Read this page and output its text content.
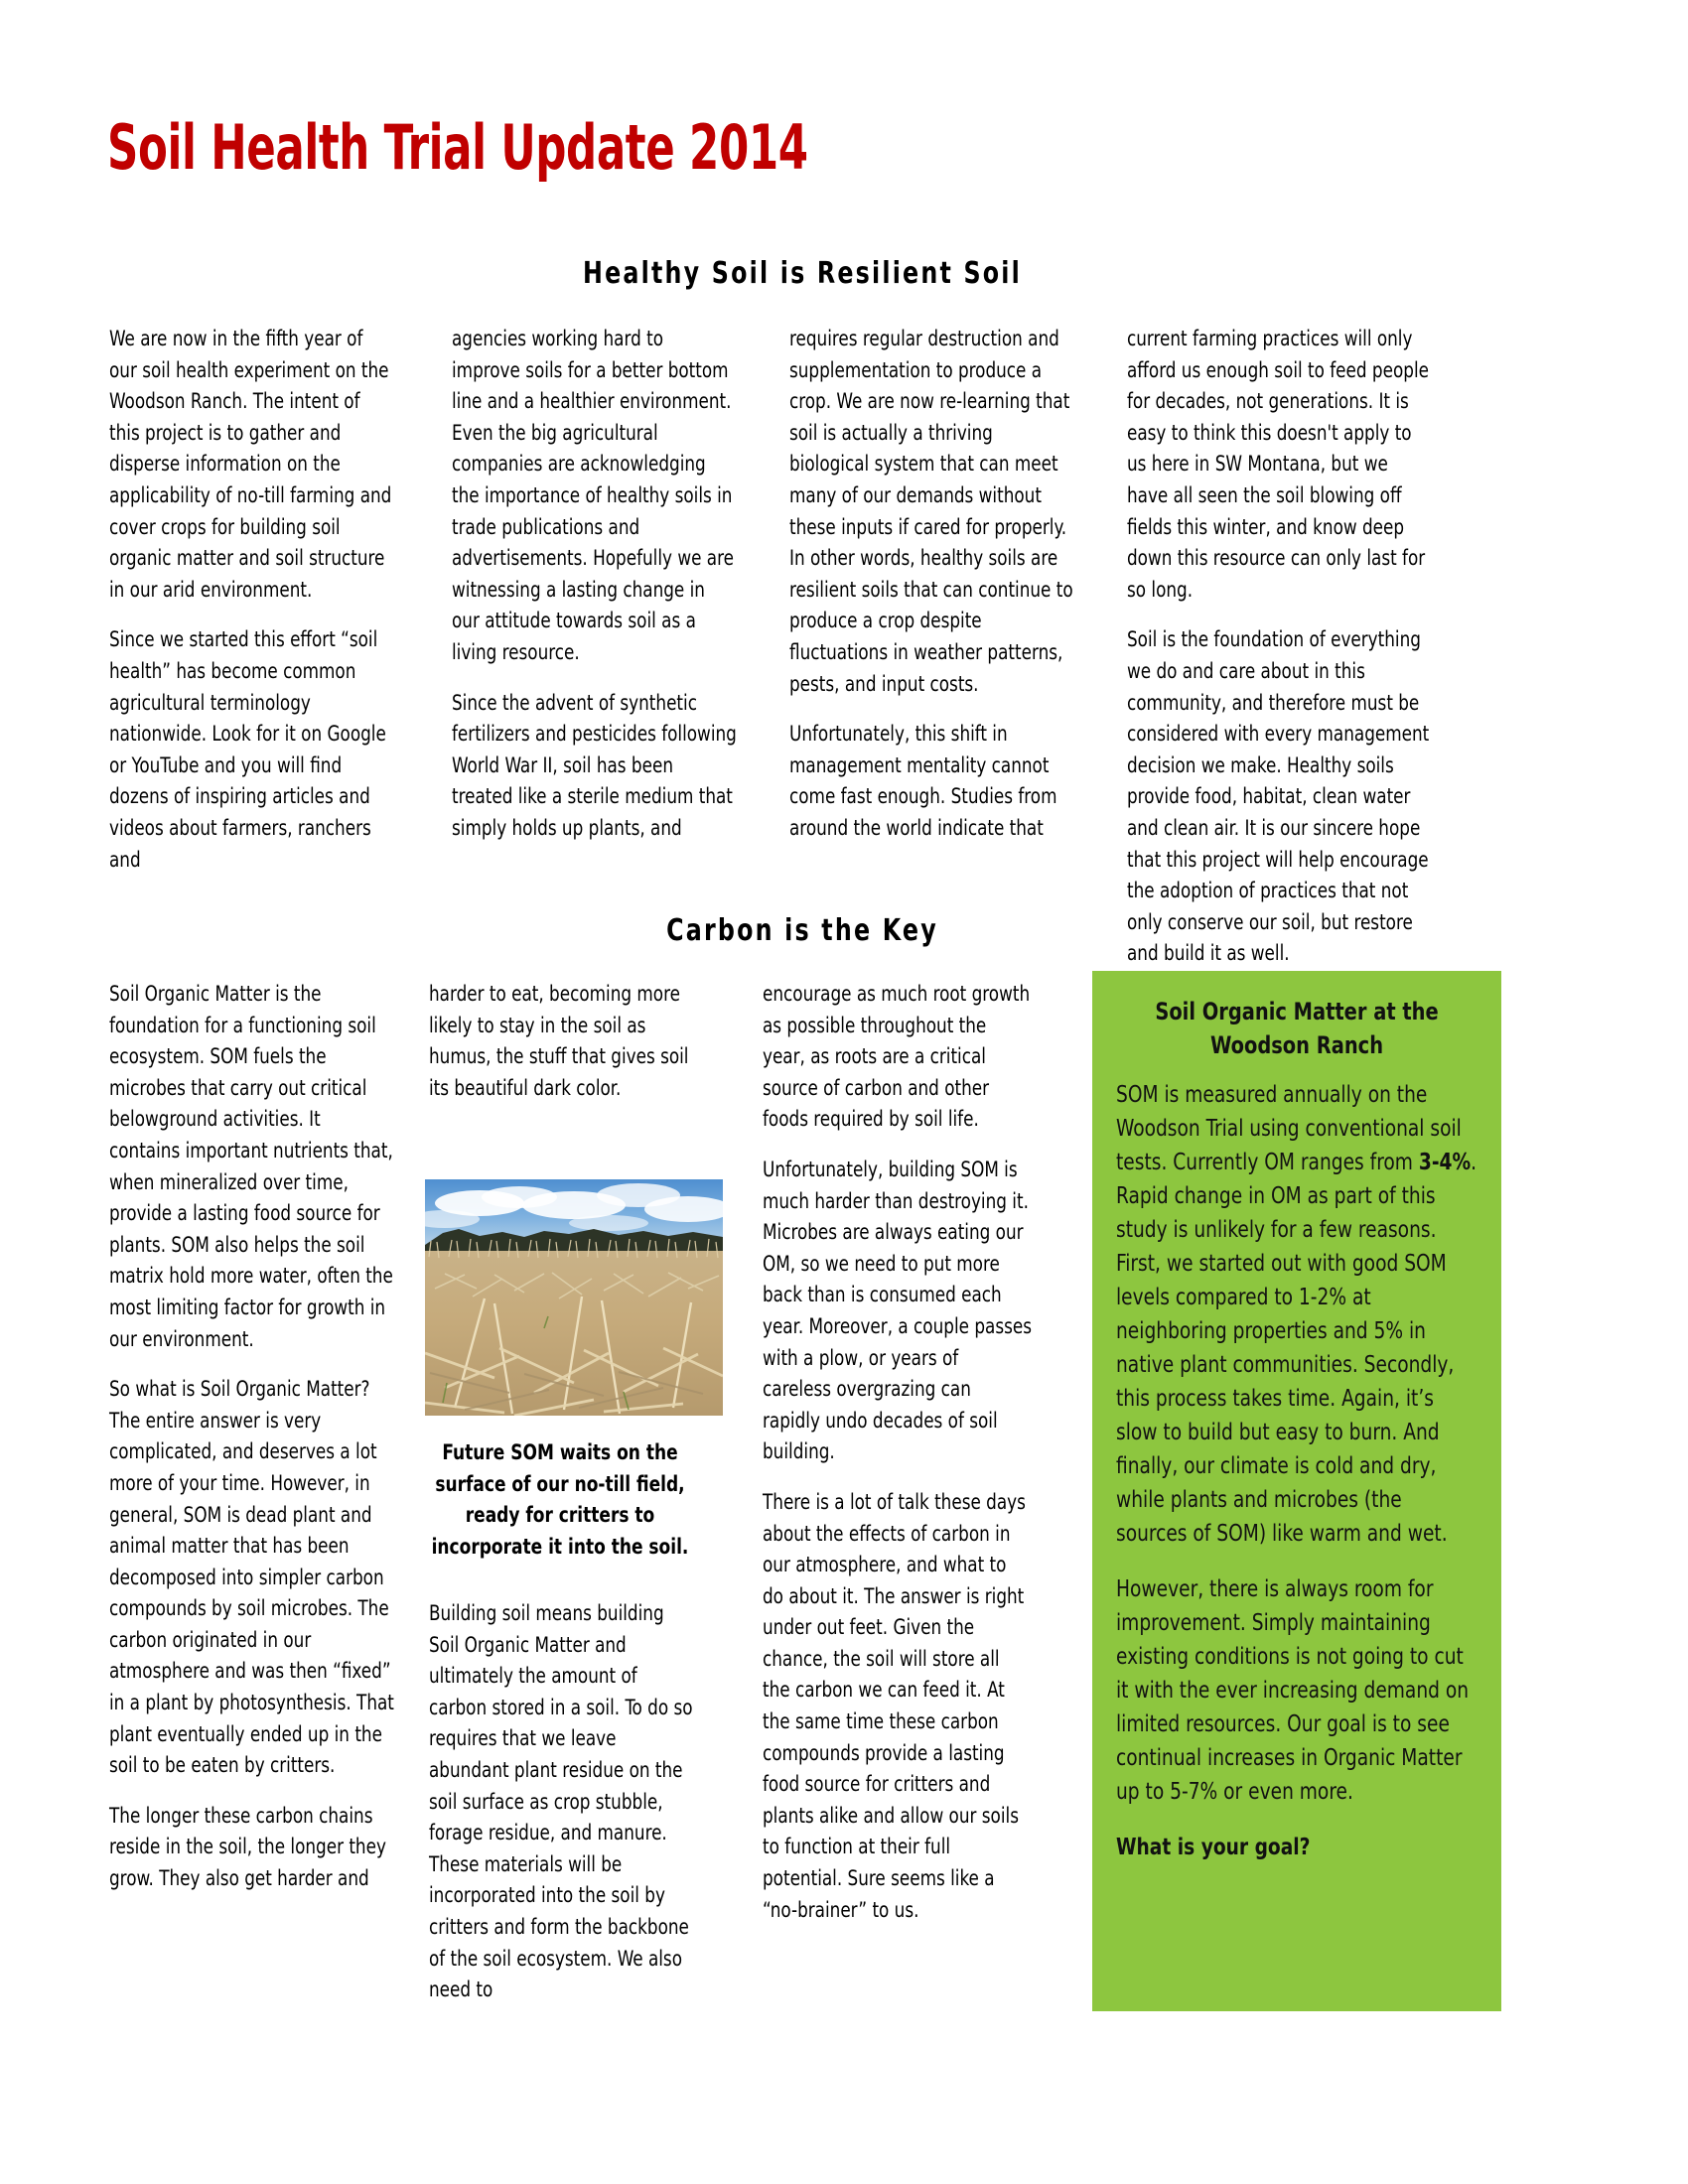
Soil Health Trial Update 2014
Healthy Soil is Resilient Soil

We are now in the fifth year of our soil health experiment on the Woodson Ranch. The intent of this project is to gather and disperse information on the applicability of no-till farming and cover crops for building soil organic matter and soil structure in our arid environment.

Since we started this effort “soil health” has become common agricultural terminology nationwide. Look for it on Google or YouTube and you will find dozens of inspiring articles and videos about farmers, ranchers and

agencies working hard to improve soils for a better bottom line and a healthier environment. Even the big agricultural companies are acknowledging the importance of healthy soils in trade publications and advertisements. Hopefully we are witnessing a lasting change in our attitude towards soil as a living resource.

Since the advent of synthetic fertilizers and pesticides following World War II, soil has been treated like a sterile medium that simply holds up plants, and

requires regular destruction and supplementation to produce a crop. We are now re-learning that soil is actually a thriving biological system that can meet many of our demands without these inputs if cared for properly. In other words, healthy soils are resilient soils that can continue to produce a crop despite fluctuations in weather patterns, pests, and input costs.

Unfortunately, this shift in management mentality cannot come fast enough. Studies from around the world indicate that

current farming practices will only afford us enough soil to feed people for decades, not generations. It is easy to think this doesn't apply to us here in SW Montana, but we have all seen the soil blowing off fields this winter, and know deep down this resource can only last for so long.

Soil is the foundation of everything we do and care about in this community, and therefore must be considered with every management decision we make. Healthy soils provide food, habitat, clean water and clean air. It is our sincere hope that this project will help encourage the adoption of practices that not only conserve our soil, but restore and build it as well.

Carbon is the Key

Soil Organic Matter is the foundation for a functioning soil ecosystem. SOM fuels the microbes that carry out critical belowground activities. It contains important nutrients that, when mineralized over time, provide a lasting food source for plants. SOM also helps the soil matrix hold more water, often the most limiting factor for growth in our environment.

So what is Soil Organic Matter? The entire answer is very complicated, and deserves a lot more of your time. However, in general, SOM is dead plant and animal matter that has been decomposed into simpler carbon compounds by soil microbes. The carbon originated in our atmosphere and was then “fixed” in a plant by photosynthesis. That plant eventually ended up in the soil to be eaten by critters.

The longer these carbon chains reside in the soil, the longer they grow. They also get harder and

harder to eat, becoming more likely to stay in the soil as humus, the stuff that gives soil its beautiful dark color.

Future SOM waits on the surface of our no-till field, ready for critters to incorporate it into the soil.

Building soil means building Soil Organic Matter and ultimately the amount of carbon stored in a soil. To do so requires that we leave abundant plant residue on the soil surface as crop stubble, forage residue, and manure. These materials will be incorporated into the soil by critters and form the backbone of the soil ecosystem. We also need to

encourage as much root growth as possible throughout the year, as roots are a critical source of carbon and other foods required by soil life.

Unfortunately, building SOM is much harder than destroying it. Microbes are always eating our OM, so we need to put more back than is consumed each year. Moreover, a couple passes with a plow, or years of careless overgrazing can rapidly undo decades of soil building.

There is a lot of talk these days about the effects of carbon in our atmosphere, and what to do about it. The answer is right under out feet. Given the chance, the soil will store all the carbon we can feed it. At the same time these carbon compounds provide a lasting food source for critters and plants alike and allow our soils to function at their full potential. Sure seems like a “no-brainer” to us.

Soil Organic Matter at the
Woodson Ranch

SOM is measured annually on the Woodson Trial using conventional soil tests. Currently OM ranges from 3-4%. Rapid change in OM as part of this study is unlikely for a few reasons. First, we started out with good SOM levels compared to 1-2% at neighboring properties and 5% in native plant communities. Secondly, this process takes time. Again, it’s slow to build but easy to burn. And finally, our climate is cold and dry, while plants and microbes (the sources of SOM) like warm and wet.

However, there is always room for improvement. Simply maintaining existing conditions is not going to cut it with the ever increasing demand on limited resources. Our goal is to see continual increases in Organic Matter up to 5-7% or even more.

What is your goal?
